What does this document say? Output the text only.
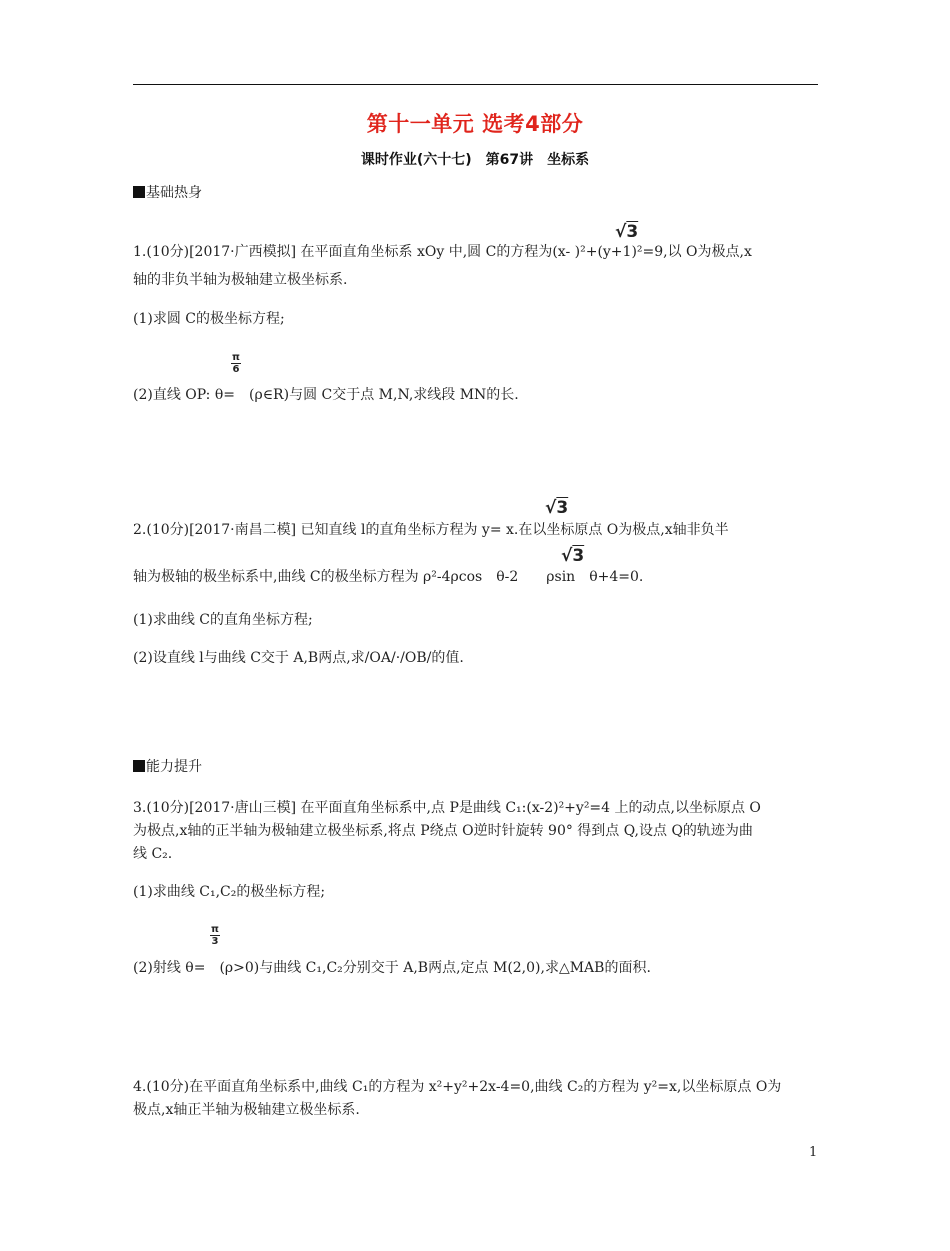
第十一单元 选考4部分
课时作业(六十七)　第67讲　坐标系
基础热身
√3
1.(10分)[2017·广西模拟] 在平面直角坐标系 xOy 中,圆 C的方程为(x- )²+(y+1)²=9,以 O为极点,x
轴的非负半轴为极轴建立极坐标系.
(1)求圆 C的极坐标方程;
$\frac{\pi}{6}$
(2)直线 OP: θ=　(ρ∈R)与圆 C交于点 M,N,求线段 MN的长.
√3
2.(10分)[2017·南昌二模] 已知直线 l的直角坐标方程为 y= x.在以坐标原点 O为极点,x轴非负半
√3
轴为极轴的极坐标系中,曲线 C的极坐标方程为 ρ²-4ρcos　θ-2　　ρsin　θ+4=0.
(1)求曲线 C的直角坐标方程;
(2)设直线 l与曲线 C交于 A,B两点,求/OA/·/OB/的值.
能力提升
3.(10分)[2017·唐山三模] 在平面直角坐标系中,点 P是曲线 C₁:(x-2)²+y²=4 上的动点,以坐标原点 O
为极点,x轴的正半轴为极轴建立极坐标系,将点 P绕点 O逆时针旋转 90° 得到点 Q,设点 Q的轨迹为曲
线 C₂.
(1)求曲线 C₁,C₂的极坐标方程;
$\frac{\pi}{3}$
(2)射线 θ=　(ρ>0)与曲线 C₁,C₂分别交于 A,B两点,定点 M(2,0),求△MAB的面积.
4.(10分)在平面直角坐标系中,曲线 C₁的方程为 x²+y²+2x-4=0,曲线 C₂的方程为 y²=x,以坐标原点 O为
极点,x轴正半轴为极轴建立极坐标系.
1
